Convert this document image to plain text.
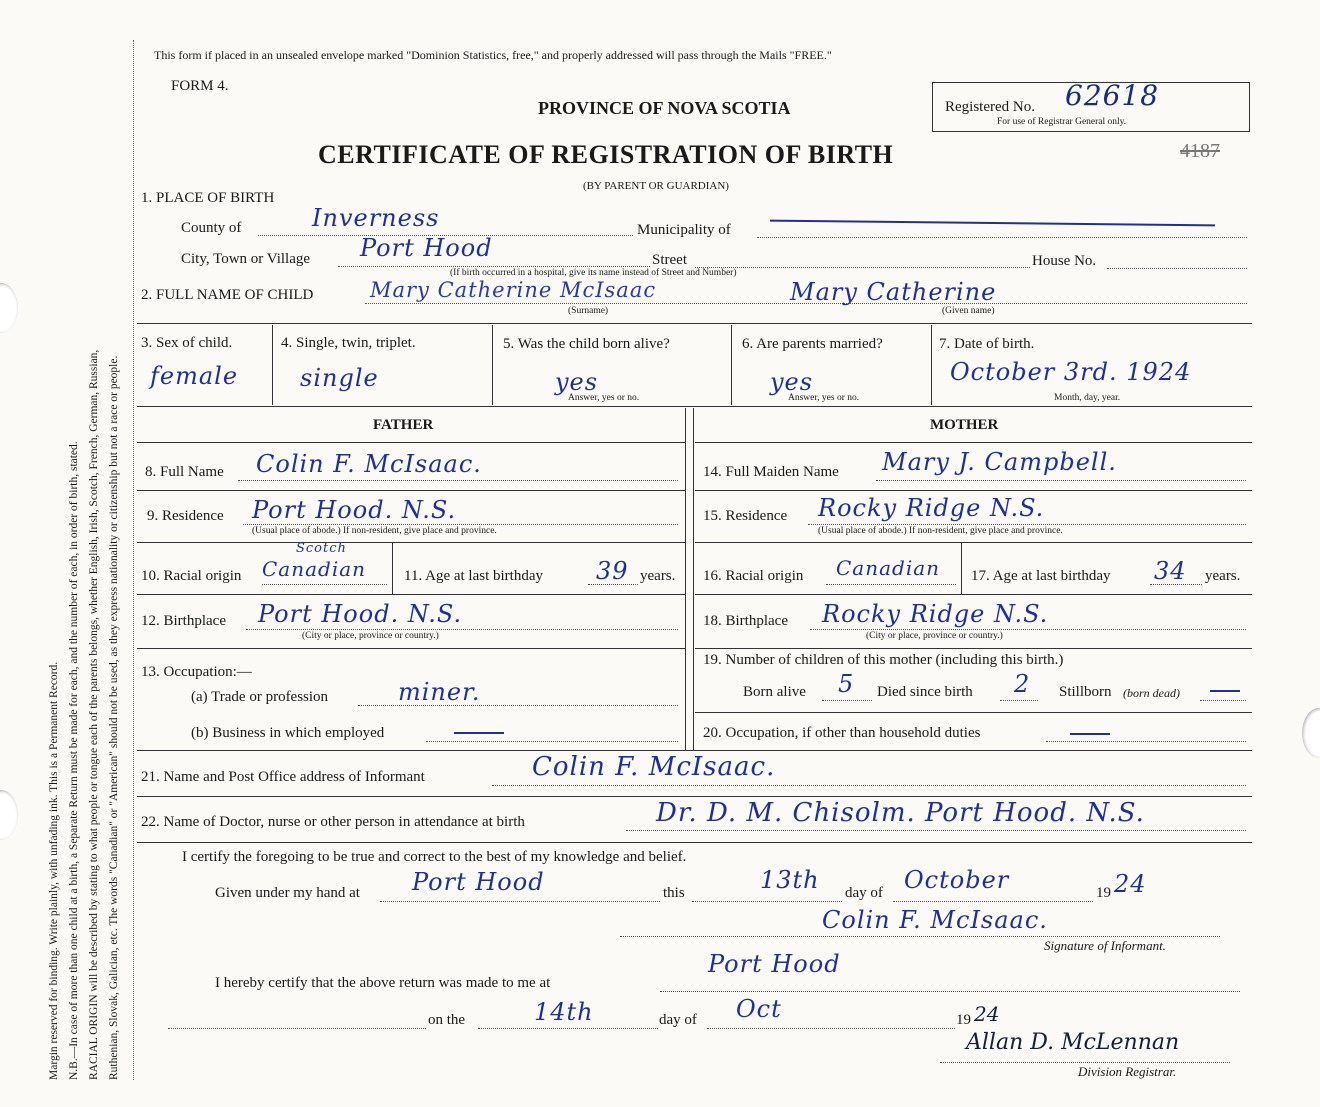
Margin reserved for binding. Write plainly, with unfading ink. This is a Permanent Record. N.B.—In case of more than one child at a birth, a Separate Return must be made for each, and the number of each, in order of birth, stated. RACIAL ORIGIN will be described by stating to what people or tongue each of the parents belongs, whether English, Irish, Scotch, French, German, Russian, Ruthenian, Slovak, Galician, etc. The words "Canadian" or "American" should not be used, as they express nationality or citizenship but not a race or people.
This form if placed in an unsealed envelope marked "Dominion Statistics, free," and properly addressed will pass through the Mails "FREE."
FORM 4.
PROVINCE OF NOVA SCOTIA
CERTIFICATE OF REGISTRATION OF BIRTH
(BY PARENT OR GUARDIAN)
Registered No. 62618
For use of Registrar General only.
4187
1. PLACE OF BIRTH
County of	Inverness	Municipality of
City, Town or Village Port Hood	Street	House No.
(If birth occurred in a hospital, give its name instead of Street and Number)
2. FULL NAME OF CHILD	Mary Catherine McIsaac	Mary Catherine
(Surname)	(Given name)
3. Sex of child.
female
4. Single, twin, triplet.
single
5. Was the child born alive?
yes
Answer, yes or no.
6. Are parents married?
yes
Answer, yes or no.
7. Date of birth.
October 3rd. 1924
Month, day, year.
FATHER	MOTHER
8. Full Name Colin F. McIsaac.
9. Residence Port Hood. N.S.
(Usual place of abode.) If non-resident, give place and province.
10. Racial origin Canadian
Scotch
11. Age at last birthday 39 years.
12. Birthplace Port Hood. N.S.
(City or place, province or country.)
13. Occupation:—
(a) Trade or profession	miner.
(b) Business in which employed
14. Full Maiden Name Mary J. Campbell.
15. Residence Rocky Ridge N.S.
(Usual place of abode.) If non-resident, give place and province.
16. Racial origin Canadian 17. Age at last birthday 34 years.
18. Birthplace Rocky Ridge N.S.
(City or place, province or country.)
19. Number of children of this mother (including this birth.)
Born alive 5 Died since birth 2 Stillborn (born dead)
20. Occupation, if other than household duties
21. Name and Post Office address of Informant	Colin F. McIsaac.
22. Name of Doctor, nurse or other person in attendance at birth	Dr. D. M. Chisolm. Port Hood. N.S.
I certify the foregoing to be true and correct to the best of my knowledge and belief.
Given under my hand at Port Hood	this	13th day of October	19 24
Colin F. McIsaac.
Signature of Informant.
I hereby certify that the above return was made to me at
Port Hood
on the	14th	day of Oct	19 24
Allan D. McLennan
Division Registrar.
